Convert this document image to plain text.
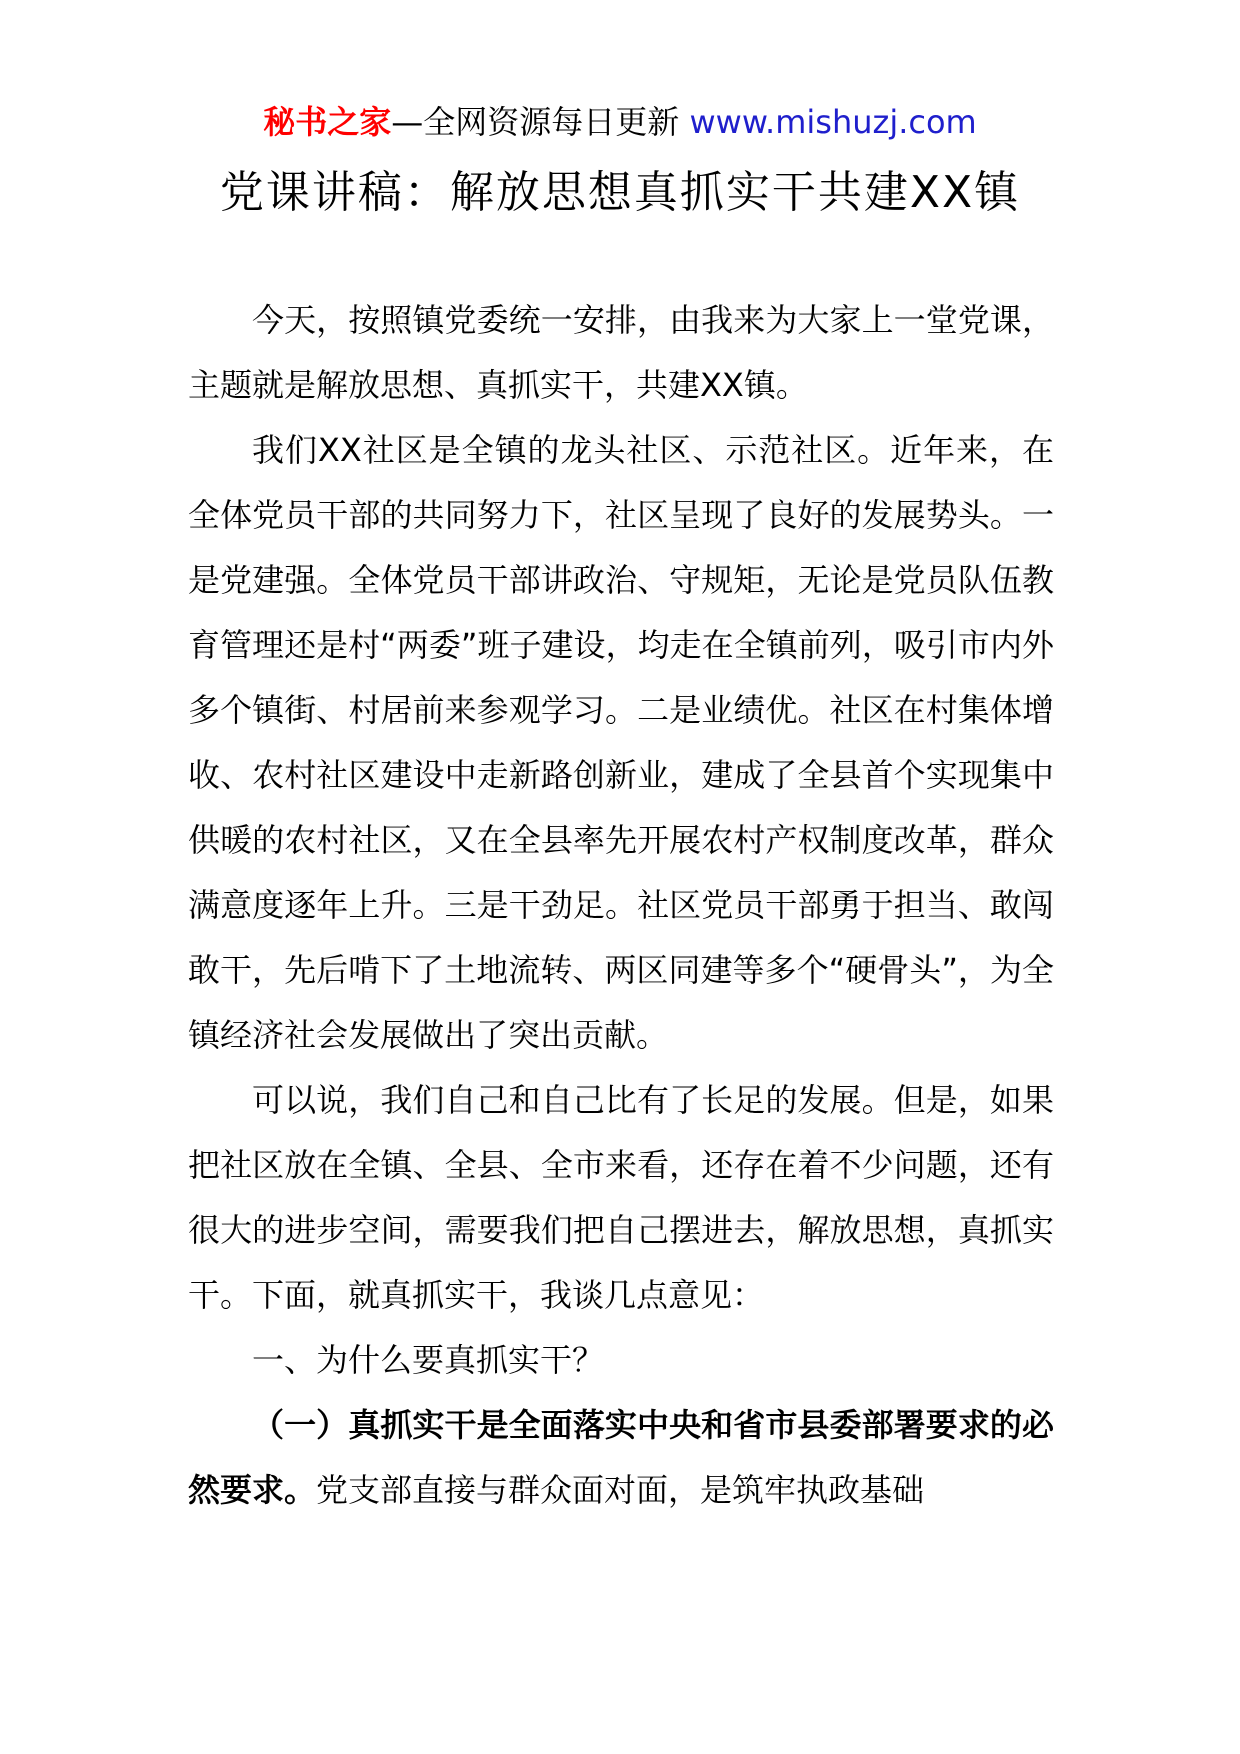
秘书之家—全网资源每日更新 www.mishuzj.com
党课讲稿：解放思想真抓实干共建XX镇

今天，按照镇党委统一安排，由我来为大家上一堂党课，主题就是解放思想、真抓实干，共建XX镇。

我们XX社区是全镇的龙头社区、示范社区。近年来，在全体党员干部的共同努力下，社区呈现了良好的发展势头。一是党建强。全体党员干部讲政治、守规矩，无论是党员队伍教育管理还是村“两委”班子建设，均走在全镇前列，吸引市内外多个镇街、村居前来参观学习。二是业绩优。社区在村集体增收、农村社区建设中走新路创新业，建成了全县首个实现集中供暖的农村社区，又在全县率先开展农村产权制度改革，群众满意度逐年上升。三是干劲足。社区党员干部勇于担当、敢闯敢干，先后啃下了土地流转、两区同建等多个“硬骨头”，为全镇经济社会发展做出了突出贡献。

可以说，我们自己和自己比有了长足的发展。但是，如果把社区放在全镇、全县、全市来看，还存在着不少问题，还有很大的进步空间，需要我们把自己摆进去，解放思想，真抓实干。下面，就真抓实干，我谈几点意见：

一、为什么要真抓实干？

（一）真抓实干是全面落实中央和省市县委部署要求的必然要求。党支部直接与群众面对面，是筑牢执政基础
